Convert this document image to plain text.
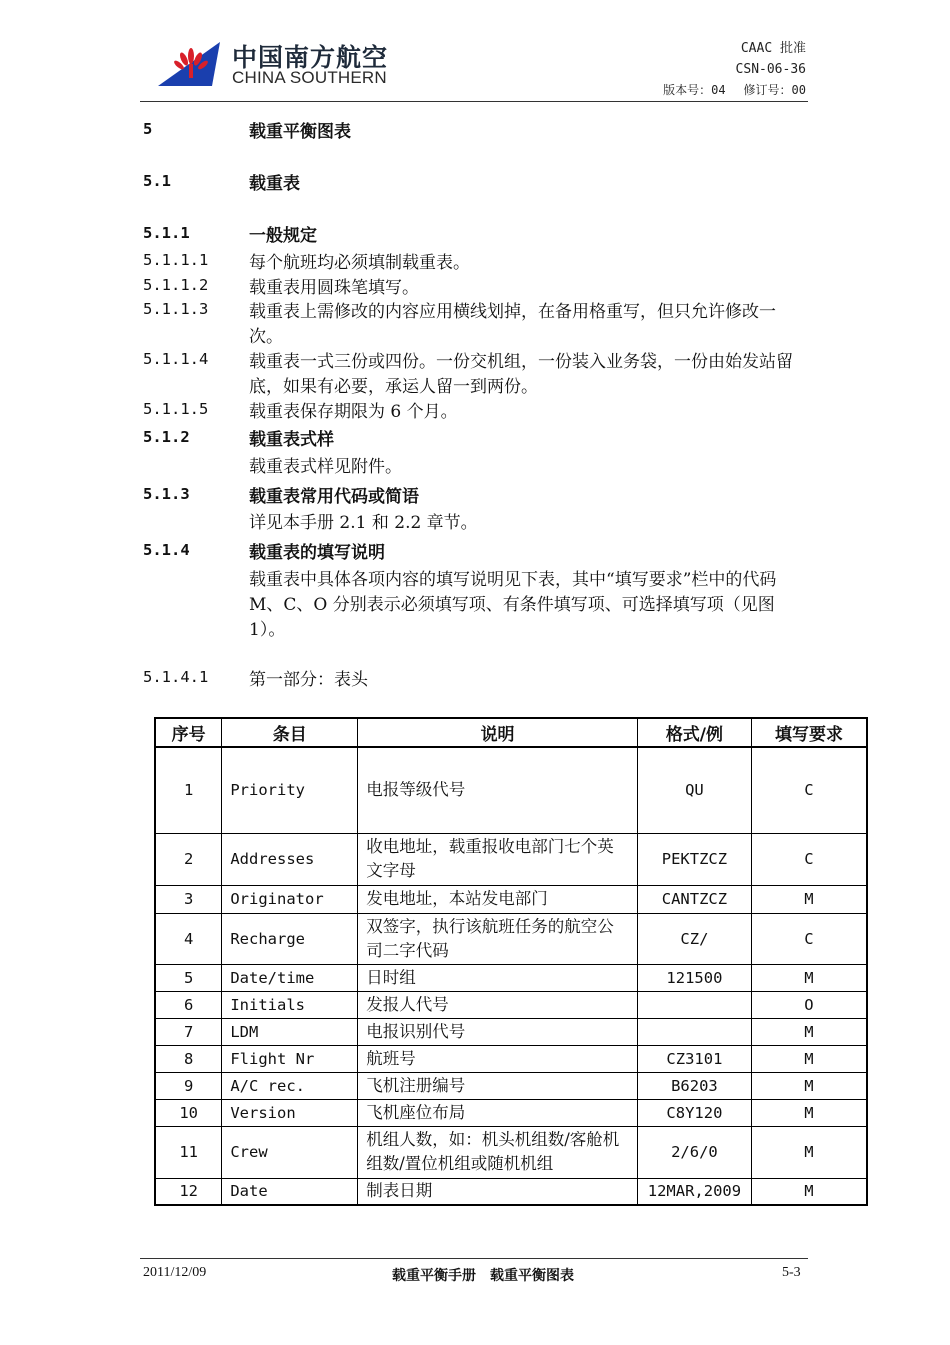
中国南方航空
CHINA SOUTHERN
CAAC 批准
CSN-06-36
版本号：04 修订号：00
5	载重平衡图表
5.1	载重表
5.1.1	一般规定
5.1.1.1 每个航班均必须填制载重表。
5.1.1.2 载重表用圆珠笔填写。
5.1.1.3 载重表上需修改的内容应用横线划掉，在备用格重写，但只允许修改一次。
5.1.1.4 载重表一式三份或四份。一份交机组，一份装入业务袋，一份由始发站留底，如果有必要，承运人留一到两份。
5.1.1.5 载重表保存期限为 6 个月。
5.1.2	载重表式样
载重表式样见附件。
5.1.3	载重表常用代码或简语
详见本手册 2.1 和 2.2 章节。
5.1.4	载重表的填写说明
载重表中具体各项内容的填写说明见下表，其中“填写要求”栏中的代码 M、C、O 分别表示必须填写项、有条件填写项、可选择填写项（见图 1）。
5.1.4.1 第一部分：表头
序号	条目	说明	格式/例	填写要求
1	Priority	电报等级代号	QU	C
2	Addresses	收电地址，载重报收电部门七个英文字母	PEKTZCZ	C
3	Originator	发电地址，本站发电部门	CANTZCZ	M
4	Recharge	双签字，执行该航班任务的航空公司二字代码	CZ/	C
5	Date/time	日时组	121500	M
6	Initials	发报人代号		O
7	LDM	电报识别代号		M
8	Flight Nr	航班号	CZ3101	M
9	A/C rec.	飞机注册编号	B6203	M
10	Version	飞机座位布局	C8Y120	M
11	Crew	机组人数，如：机头机组数/客舱机组数/置位机组或随机机组	2/6/0	M
12	Date	制表日期	12MAR,2009	M
2011/12/09	载重平衡手册 载重平衡图表	5-3
